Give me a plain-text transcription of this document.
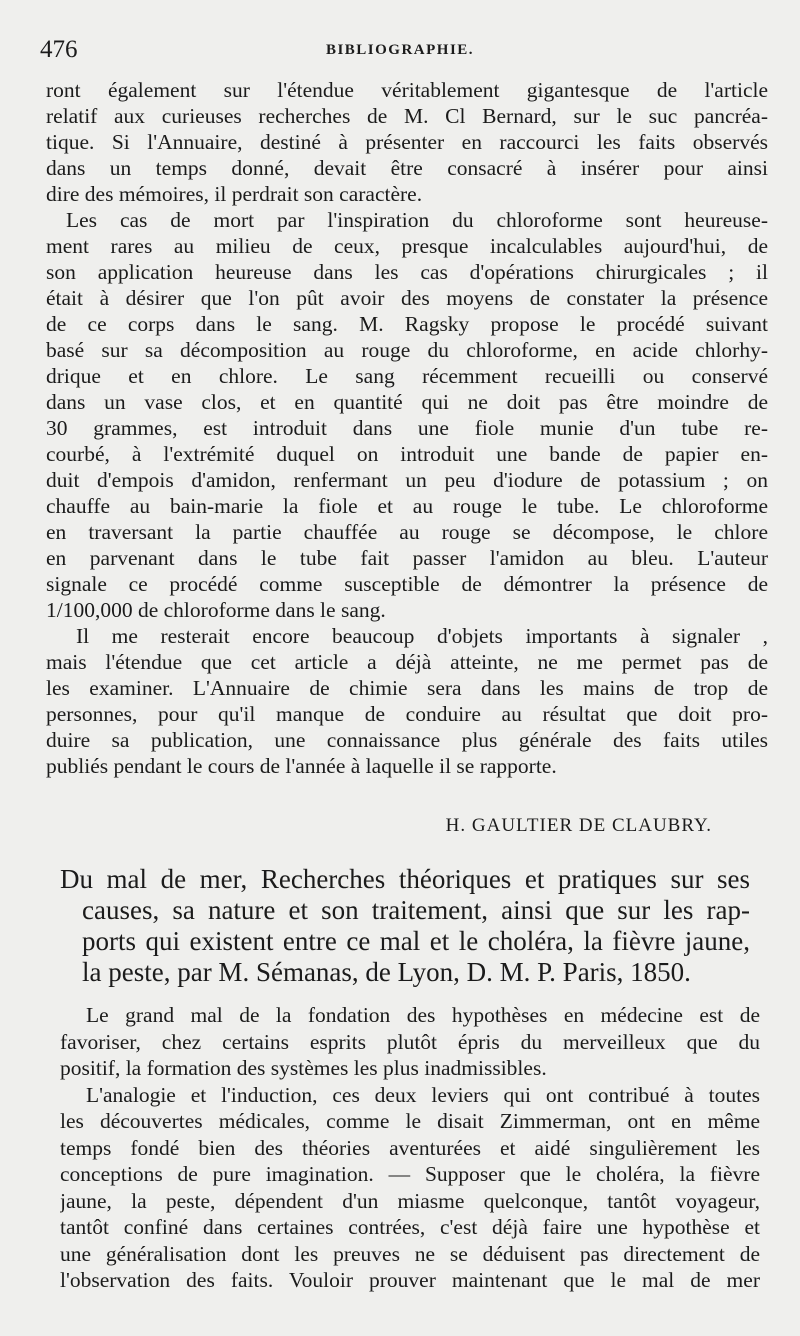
476	BIBLIOGRAPHIE.
ront également sur l'étendue véritablement gigantesque de l'article
relatif aux curieuses recherches de M. Cl Bernard, sur le suc pancréa-
tique. Si l'Annuaire, destiné à présenter en raccourci les faits observés
dans un temps donné, devait être consacré à insérer pour ainsi
dire des mémoires, il perdrait son caractère.
Les cas de mort par l'inspiration du chloroforme sont heureuse-
ment rares au milieu de ceux, presque incalculables aujourd'hui, de
son application heureuse dans les cas d'opérations chirurgicales ; il
était à désirer que l'on pût avoir des moyens de constater la présence
de ce corps dans le sang. M. Ragsky propose le procédé suivant
basé sur sa décomposition au rouge du chloroforme, en acide chlorhy-
drique et en chlore. Le sang récemment recueilli ou conservé
dans un vase clos, et en quantité qui ne doit pas être moindre de
30 grammes, est introduit dans une fiole munie d'un tube re-
courbé, à l'extrémité duquel on introduit une bande de papier en-
duit d'empois d'amidon, renfermant un peu d'iodure de potassium ; on
chauffe au bain-marie la fiole et au rouge le tube. Le chloroforme
en traversant la partie chauffée au rouge se décompose, le chlore
en parvenant dans le tube fait passer l'amidon au bleu. L'auteur
signale ce procédé comme susceptible de démontrer la présence de
1/100,000 de chloroforme dans le sang.
Il me resterait encore beaucoup d'objets importants à signaler ,
mais l'étendue que cet article a déjà atteinte, ne me permet pas de
les examiner. L'Annuaire de chimie sera dans les mains de trop de
personnes, pour qu'il manque de conduire au résultat que doit pro-
duire sa publication, une connaissance plus générale des faits utiles
publiés pendant le cours de l'année à laquelle il se rapporte.
H. GAULTIER DE CLAUBRY.
Du mal de mer, Recherches théoriques et pratiques sur ses
causes, sa nature et son traitement, ainsi que sur les rap-
ports qui existent entre ce mal et le choléra, la fièvre jaune,
la peste, par M. Sémanas, de Lyon, D. M. P. Paris, 1850.
Le grand mal de la fondation des hypothèses en médecine est de
favoriser, chez certains esprits plutôt épris du merveilleux que du
positif, la formation des systèmes les plus inadmissibles.
L'analogie et l'induction, ces deux leviers qui ont contribué à toutes
les découvertes médicales, comme le disait Zimmerman, ont en même
temps fondé bien des théories aventurées et aidé singulièrement les
conceptions de pure imagination. — Supposer que le choléra, la fièvre
jaune, la peste, dépendent d'un miasme quelconque, tantôt voyageur,
tantôt confiné dans certaines contrées, c'est déjà faire une hypothèse et
une généralisation dont les preuves ne se déduisent pas directement de
l'observation des faits. Vouloir prouver maintenant que le mal de mer
